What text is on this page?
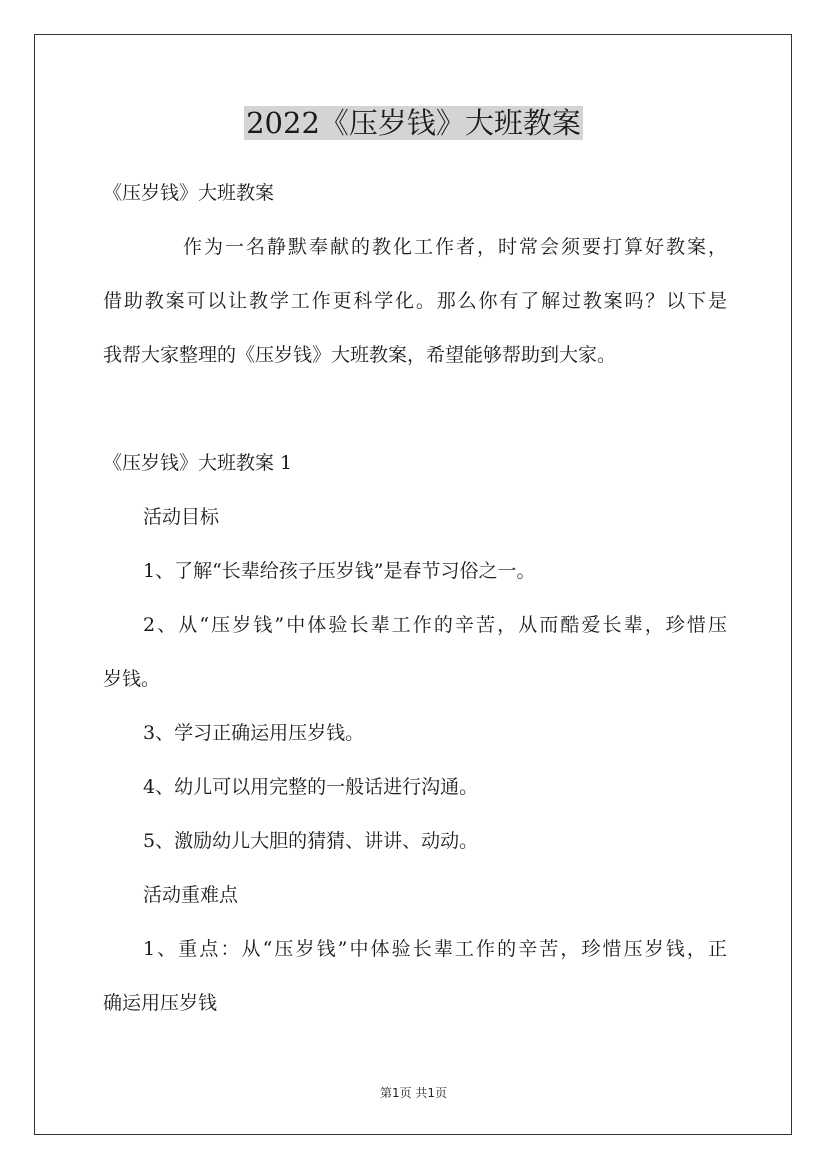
2022《压岁钱》大班教案

《压岁钱》大班教案

作为一名静默奉献的教化工作者，时常会须要打算好教案，

借助教案可以让教学工作更科学化。那么你有了解过教案吗？以下是

我帮大家整理的《压岁钱》大班教案，希望能够帮助到大家。

《压岁钱》大班教案 1

活动目标

1、了解“长辈给孩子压岁钱”是春节习俗之一。

2、从“压岁钱”中体验长辈工作的辛苦，从而酷爱长辈，珍惜压

岁钱。

3、学习正确运用压岁钱。

4、幼儿可以用完整的一般话进行沟通。

5、激励幼儿大胆的猜猜、讲讲、动动。

活动重难点

1、重点：从“压岁钱”中体验长辈工作的辛苦，珍惜压岁钱，正

确运用压岁钱

第1页 共1页
